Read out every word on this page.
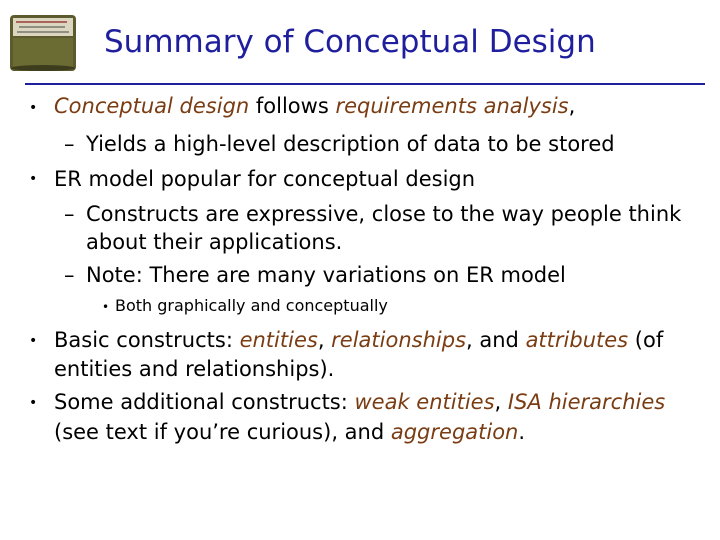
Summary of Conceptual Design
• Conceptual design follows requirements analysis,
– Yields a high-level description of data to be stored
• ER model popular for conceptual design
– Constructs are expressive, close to the way people think
about their applications.
– Note: There are many variations on ER model
• Both graphically and conceptually
• Basic constructs: entities, relationships, and attributes (of
entities and relationships).
• Some additional constructs: weak entities, ISA hierarchies
(see text if you’re curious), and aggregation.
